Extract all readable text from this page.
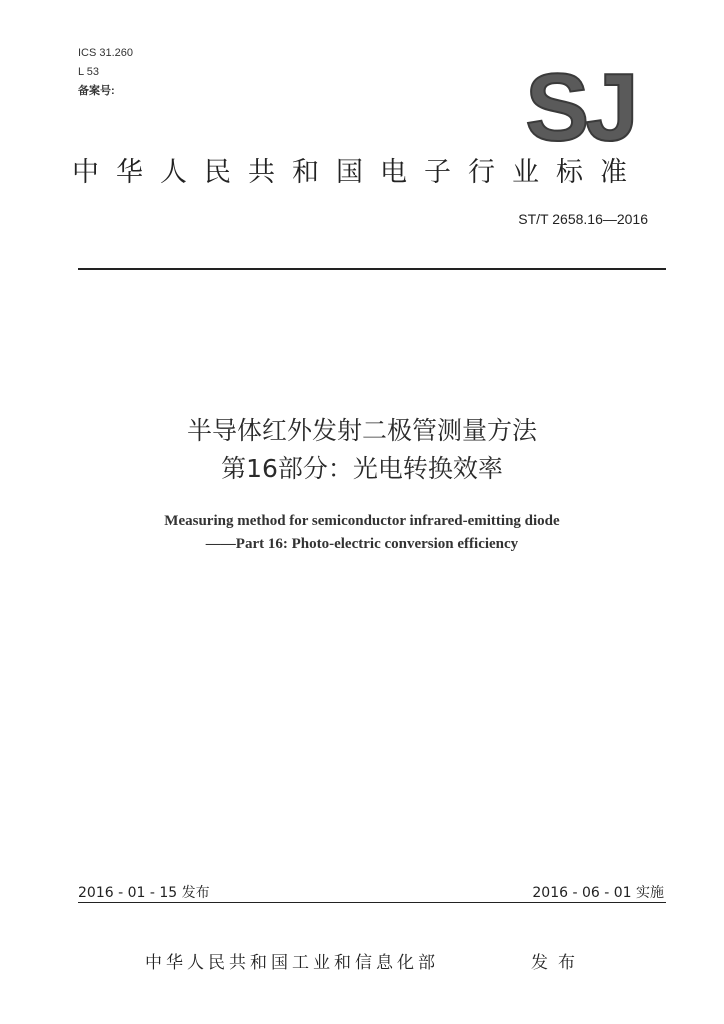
ICS 31.260
L 53
备案号:	SJ
中华人民共和国电子行业标准
ST/T 2658.16—2016
半导体红外发射二极管测量方法
第16部分：光电转换效率
Measuring method for semiconductor infrared-emitting diode
——Part 16: Photo-electric conversion efficiency
2016 - 01 - 15 发布	2016 - 06 - 01 实施
中华人民共和国工业和信息化部	发布
